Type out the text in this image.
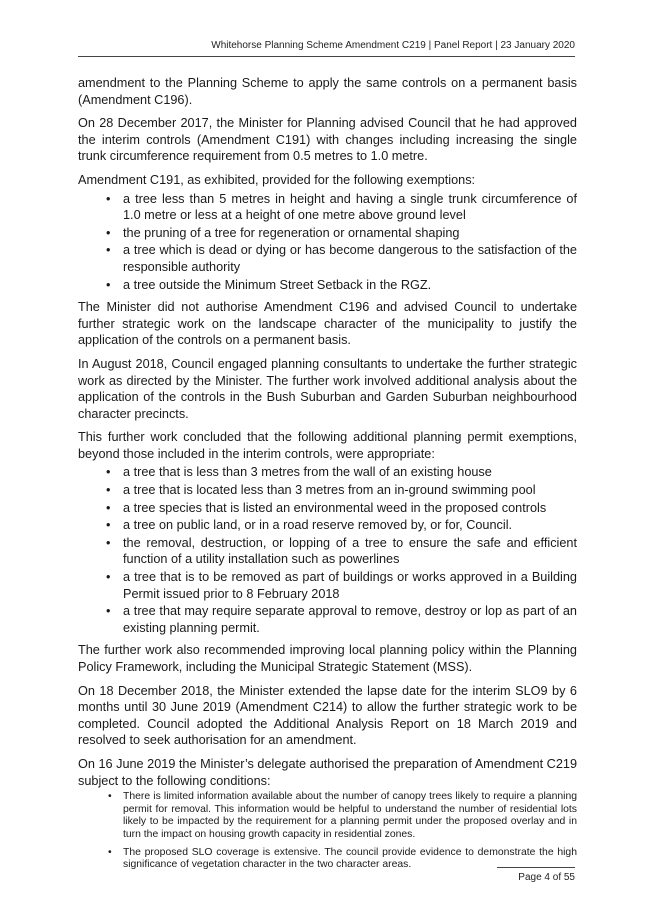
Whitehorse Planning Scheme Amendment C219 | Panel Report | 23 January 2020

amendment to the Planning Scheme to apply the same controls on a permanent basis (Amendment C196).

On 28 December 2017, the Minister for Planning advised Council that he had approved the interim controls (Amendment C191) with changes including increasing the single trunk circumference requirement from 0.5 metres to 1.0 metre.

Amendment C191, as exhibited, provided for the following exemptions:

• a tree less than 5 metres in height and having a single trunk circumference of 1.0 metre or less at a height of one metre above ground level
• the pruning of a tree for regeneration or ornamental shaping
• a tree which is dead or dying or has become dangerous to the satisfaction of the responsible authority
• a tree outside the Minimum Street Setback in the RGZ.

The Minister did not authorise Amendment C196 and advised Council to undertake further strategic work on the landscape character of the municipality to justify the application of the controls on a permanent basis.

In August 2018, Council engaged planning consultants to undertake the further strategic work as directed by the Minister. The further work involved additional analysis about the application of the controls in the Bush Suburban and Garden Suburban neighbourhood character precincts.

This further work concluded that the following additional planning permit exemptions, beyond those included in the interim controls, were appropriate:

• a tree that is less than 3 metres from the wall of an existing house
• a tree that is located less than 3 metres from an in-ground swimming pool
• a tree species that is listed an environmental weed in the proposed controls
• a tree on public land, or in a road reserve removed by, or for, Council.
• the removal, destruction, or lopping of a tree to ensure the safe and efficient function of a utility installation such as powerlines
• a tree that is to be removed as part of buildings or works approved in a Building Permit issued prior to 8 February 2018
• a tree that may require separate approval to remove, destroy or lop as part of an existing planning permit.

The further work also recommended improving local planning policy within the Planning Policy Framework, including the Municipal Strategic Statement (MSS).

On 18 December 2018, the Minister extended the lapse date for the interim SLO9 by 6 months until 30 June 2019 (Amendment C214) to allow the further strategic work to be completed. Council adopted the Additional Analysis Report on 18 March 2019 and resolved to seek authorisation for an amendment.

On 16 June 2019 the Minister’s delegate authorised the preparation of Amendment C219 subject to the following conditions:

• There is limited information available about the number of canopy trees likely to require a planning permit for removal. This information would be helpful to understand the number of residential lots likely to be impacted by the requirement for a planning permit under the proposed overlay and in turn the impact on housing growth capacity in residential zones.
• The proposed SLO coverage is extensive. The council provide evidence to demonstrate the high significance of vegetation character in the two character areas.
Page 4 of 55
